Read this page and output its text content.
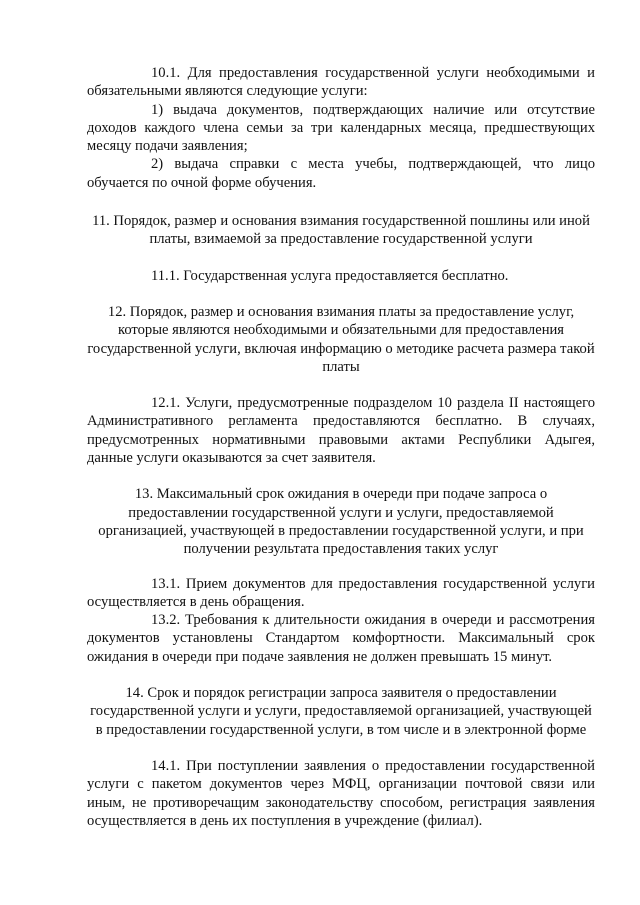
10.1. Для предоставления государственной услуги необходимыми и обязательными являются следующие услуги:

1) выдача документов, подтверждающих наличие или отсутствие доходов каждого члена семьи за три календарных месяца, предшествующих месяцу подачи заявления;

2) выдача справки с места учебы, подтверждающей, что лицо обучается по очной форме обучения.

11. Порядок, размер и основания взимания государственной пошлины или иной платы, взимаемой за предоставление государственной услуги

11.1. Государственная услуга предоставляется бесплатно.

12. Порядок, размер и основания взимания платы за предоставление услуг, которые являются необходимыми и обязательными для предоставления государственной услуги, включая информацию о методике расчета размера такой платы

12.1. Услуги, предусмотренные подразделом 10 раздела II настоящего Административного регламента предоставляются бесплатно. В случаях, предусмотренных нормативными правовыми актами Республики Адыгея, данные услуги оказываются за счет заявителя.

13. Максимальный срок ожидания в очереди при подаче запроса о предоставлении государственной услуги и услуги, предоставляемой организацией, участвующей в предоставлении государственной услуги, и при получении результата предоставления таких услуг

13.1. Прием документов для предоставления государственной услуги осуществляется в день обращения.

13.2. Требования к длительности ожидания в очереди и рассмотрения документов установлены Стандартом комфортности. Максимальный срок ожидания в очереди при подаче заявления не должен превышать 15 минут.

14. Срок и порядок регистрации запроса заявителя о предоставлении государственной услуги и услуги, предоставляемой организацией, участвующей в предоставлении государственной услуги, в том числе и в электронной форме

14.1. При поступлении заявления о предоставлении государственной услуги с пакетом документов через МФЦ, организации почтовой связи или иным, не противоречащим законодательству способом, регистрация заявления осуществляется в день их поступления в учреждение (филиал).
